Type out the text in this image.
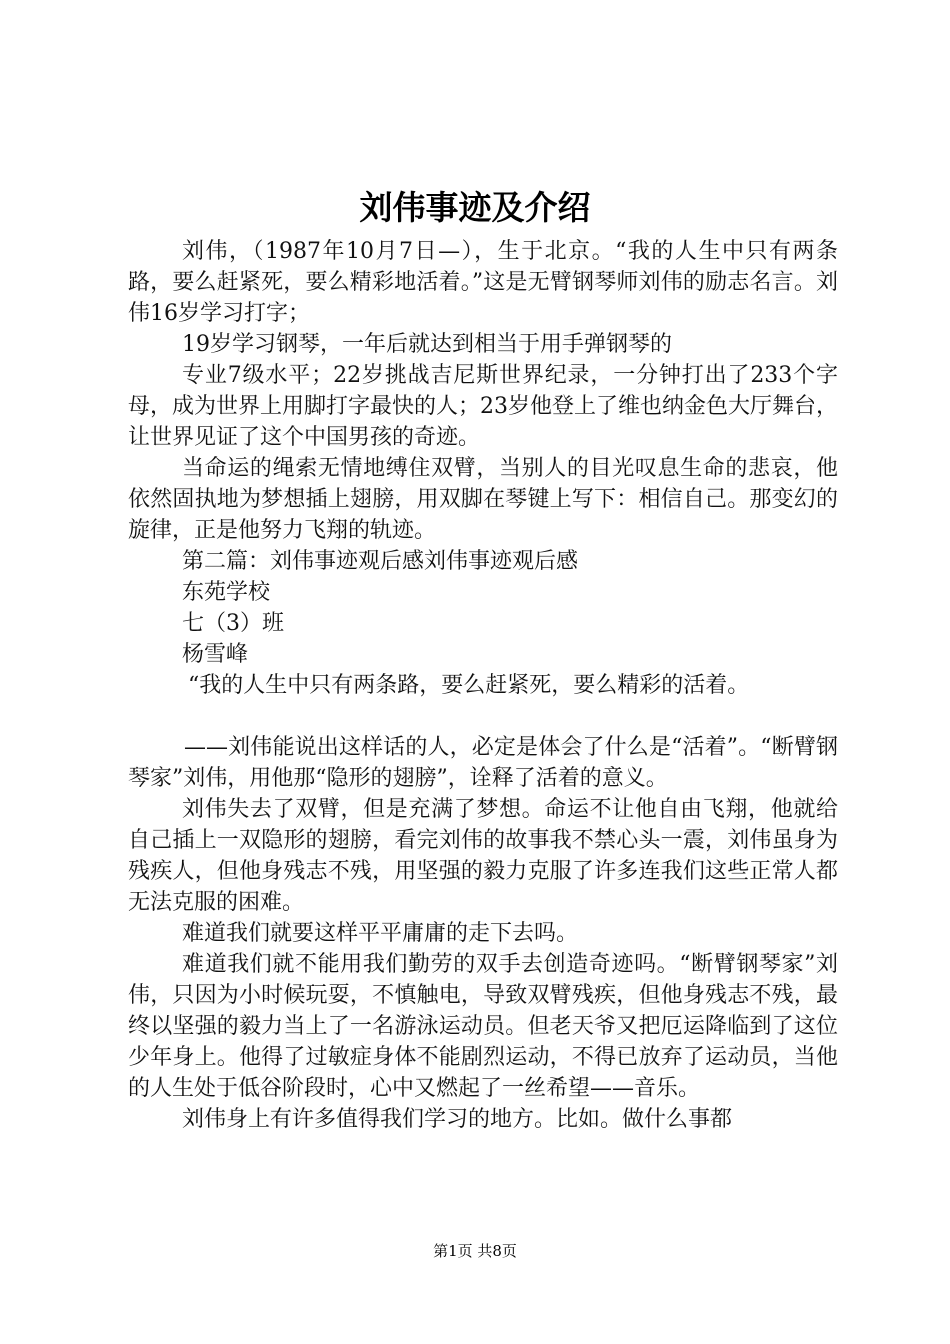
刘伟事迹及介绍

刘伟，（1987年10月7日—），生于北京。“我的人生中只有两条路，要么赶紧死，要么精彩地活着。”这是无臂钢琴师刘伟的励志名言。刘伟16岁学习打字；

19岁学习钢琴，一年后就达到相当于用手弹钢琴的

专业7级水平；22岁挑战吉尼斯世界纪录，一分钟打出了233个字母，成为世界上用脚打字最快的人；23岁他登上了维也纳金色大厅舞台，让世界见证了这个中国男孩的奇迹。

当命运的绳索无情地缚住双臂，当别人的目光叹息生命的悲哀，他依然固执地为梦想插上翅膀，用双脚在琴键上写下：相信自己。那变幻的旋律，正是他努力飞翔的轨迹。

第二篇：刘伟事迹观后感刘伟事迹观后感

东苑学校

七（3）班

杨雪峰

“我的人生中只有两条路，要么赶紧死，要么精彩的活着。

——刘伟能说出这样话的人，必定是体会了什么是“活着”。“断臂钢琴家”刘伟，用他那“隐形的翅膀”，诠释了活着的意义。

刘伟失去了双臂，但是充满了梦想。命运不让他自由飞翔，他就给自己插上一双隐形的翅膀，看完刘伟的故事我不禁心头一震，刘伟虽身为残疾人，但他身残志不残，用坚强的毅力克服了许多连我们这些正常人都无法克服的困难。

难道我们就要这样平平庸庸的走下去吗。

难道我们就不能用我们勤劳的双手去创造奇迹吗。“断臂钢琴家”刘伟，只因为小时候玩耍，不慎触电，导致双臂残疾，但他身残志不残，最终以坚强的毅力当上了一名游泳运动员。但老天爷又把厄运降临到了这位少年身上。他得了过敏症身体不能剧烈运动，不得已放弃了运动员，当他的人生处于低谷阶段时，心中又燃起了一丝希望——音乐。

刘伟身上有许多值得我们学习的地方。比如。做什么事都

第1页 共8页
